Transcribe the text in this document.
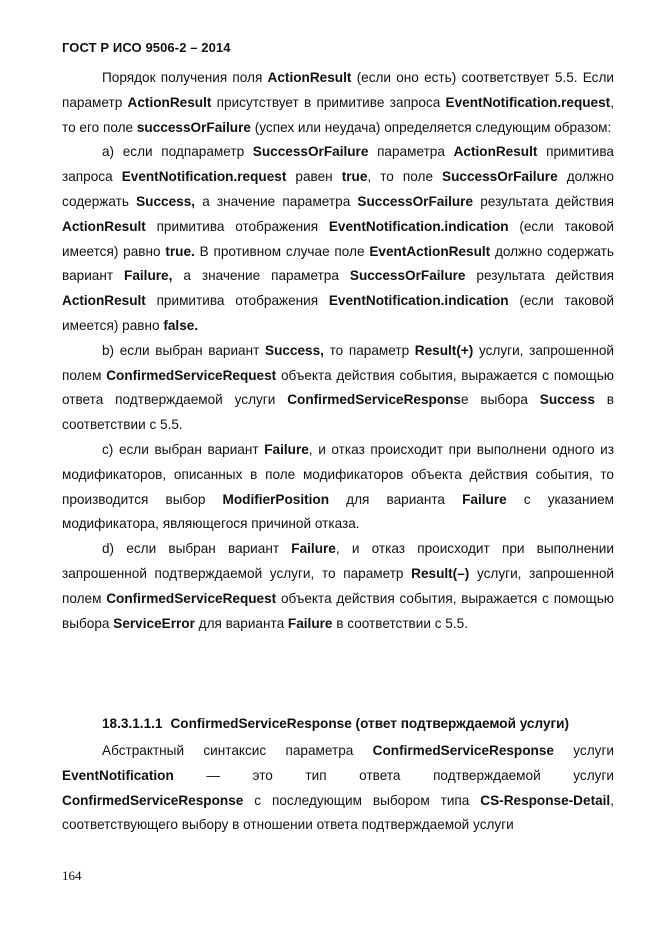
ГОСТ Р ИСО 9506-2 – 2014

Порядок получения поля ActionResult (если оно есть) соответствует 5.5. Если параметр ActionResult присутствует в примитиве запроса EventNotification.request, то его поле successOrFailure (успех или неудача) определяется следующим образом:

а) если подпараметр SuccessOrFailure параметра ActionResult примитива запроса EventNotification.request равен true, то поле SuccessOrFailure должно содержать Success, а значение параметра SuccessOrFailure результата действия ActionResult примитива отображения EventNotification.indication (если таковой имеется) равно true. В противном случае поле EventActionResult должно содержать вариант Failure, а значение параметра SuccessOrFailure результата действия ActionResult примитива отображения EventNotification.indication (если таковой имеется) равно false.

b) если выбран вариант Success, то параметр Result(+) услуги, запрошенной полем ConfirmedServiceRequest объекта действия события, выражается с помощью ответа подтверждаемой услуги ConfirmedServiceResponsе выбора Success в соответствии с 5.5.

c) если выбран вариант Failure, и отказ происходит при выполнени одного из модификаторов, описанных в поле модификаторов объекта действия события, то производится выбор ModifierPosition для варианта Failure с указанием модификатора, являющегося причиной отказа.

d) если выбран вариант Failure, и отказ происходит при выполнении запрошенной подтверждаемой услуги, то параметр Result(–) услуги, запрошенной полем ConfirmedServiceRequest объекта действия события, выражается с помощью выбора ServiceError для варианта Failure в соответствии с 5.5.

18.3.1.1.1 ConfirmedServiceResponse (ответ подтверждаемой услуги)

Абстрактный синтаксис параметра ConfirmedServiceResponse услуги EventNotification — это тип ответа подтверждаемой услуги ConfirmedServiceResponse с последующим выбором типа CS-Response-Detail, соответствующего выбору в отношении ответа подтверждаемой услуги

164
